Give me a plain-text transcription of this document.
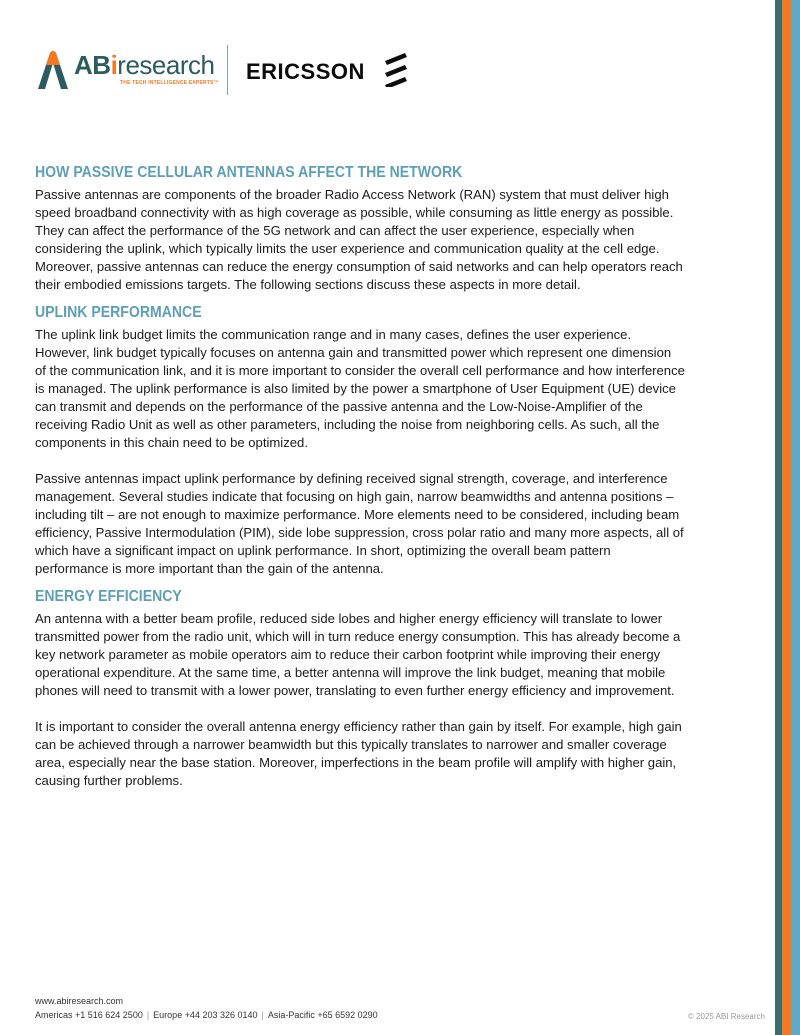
ABiresearch
THE TECH INTELLIGENCE EXPERTS™ ERICSSON
HOW PASSIVE CELLULAR ANTENNAS AFFECT THE NETWORK

Passive antennas are components of the broader Radio Access Network (RAN) system that must deliver high speed broadband connectivity with as high coverage as possible, while consuming as little energy as possible. They can affect the performance of the 5G network and can affect the user experience, especially when considering the uplink, which typically limits the user experience and communication quality at the cell edge. Moreover, passive antennas can reduce the energy consumption of said networks and can help operators reach their embodied emissions targets. The following sections discuss these aspects in more detail.

UPLINK PERFORMANCE

The uplink link budget limits the communication range and in many cases, defines the user experience. However, link budget typically focuses on antenna gain and transmitted power which represent one dimension of the communication link, and it is more important to consider the overall cell performance and how interference is managed. The uplink performance is also limited by the power a smartphone of User Equipment (UE) device can transmit and depends on the performance of the passive antenna and the Low-Noise-Amplifier of the receiving Radio Unit as well as other parameters, including the noise from neighboring cells. As such, all the components in this chain need to be optimized.

Passive antennas impact uplink performance by defining received signal strength, coverage, and interference management. Several studies indicate that focusing on high gain, narrow beamwidths and antenna positions – including tilt – are not enough to maximize performance. More elements need to be considered, including beam efficiency, Passive Intermodulation (PIM), side lobe suppression, cross polar ratio and many more aspects, all of which have a significant impact on uplink performance. In short, optimizing the overall beam pattern performance is more important than the gain of the antenna.

ENERGY EFFICIENCY

An antenna with a better beam profile, reduced side lobes and higher energy efficiency will translate to lower transmitted power from the radio unit, which will in turn reduce energy consumption. This has already become a key network parameter as mobile operators aim to reduce their carbon footprint while improving their energy operational expenditure. At the same time, a better antenna will improve the link budget, meaning that mobile phones will need to transmit with a lower power, translating to even further energy efficiency and improvement.

It is important to consider the overall antenna energy efficiency rather than gain by itself. For example, high gain can be achieved through a narrower beamwidth but this typically translates to narrower and smaller coverage area, especially near the base station. Moreover, imperfections in the beam profile will amplify with higher gain, causing further problems.

www.abiresearch.com
Americas +1 516 624 2500 | Europe +44 203 326 0140 | Asia-Pacific +65 6592 0290	© 2025 ABI Research
